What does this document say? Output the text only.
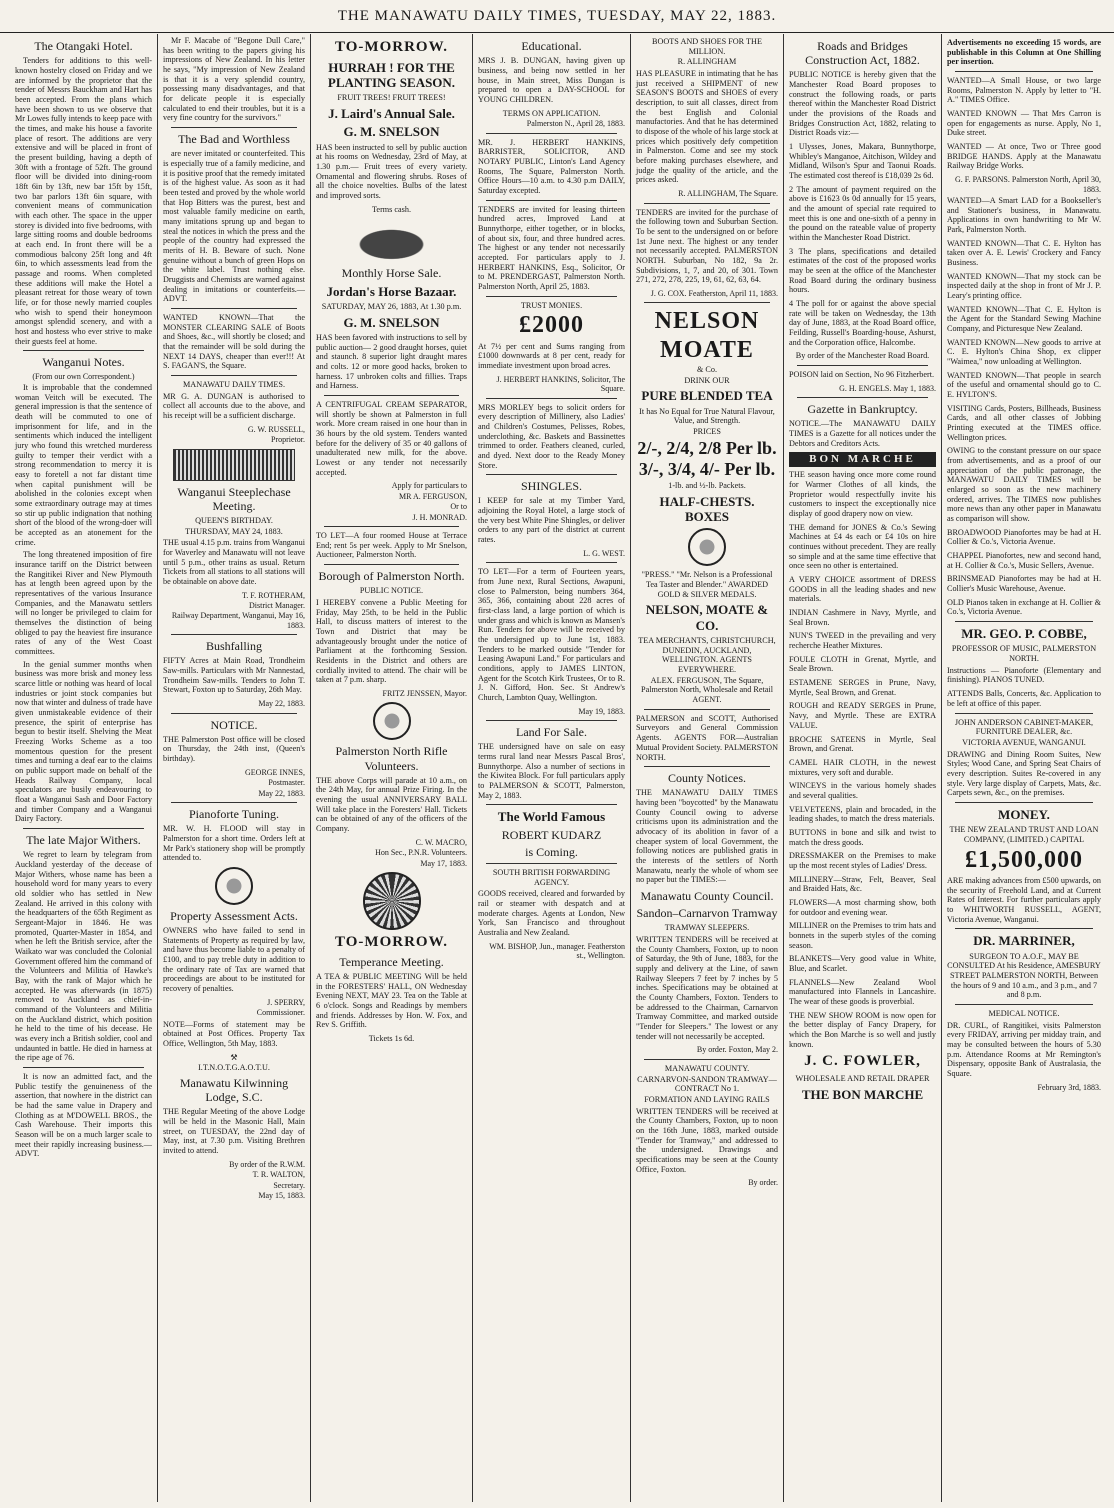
THE MANAWATU DAILY TIMES, TUESDAY, MAY 22, 1883.
The Otangaki Hotel.
Tenders for additions to this well-known hostelry closed on Friday and we are informed by the proprietor that the tender of Messrs Bauckham and Hart has been accepted. From the plans which have been shown to us we observe that Mr Lowes fully intends to keep pace with the times, and make his house a favorite place of resort. The additions are very extensive and will be placed in front of the present building, having a depth of 30ft with a frontage of 52ft. The ground floor will be divided into dining-room 18ft 6in by 13ft, new bar 15ft by 15ft, two bar parlors 13ft 6in square, with convenient means of communication with each other. The space in the upper storey is divided into five bedrooms, with large sitting rooms and double bedrooms at each end. In front there will be a commodious balcony 25ft long and 4ft 6in, to which assessments lead from the passage and rooms. When completed these additions will make the Hotel a pleasant retreat for those weary of town life, or for those newly married couples who wish to spend their honeymoon amongst splendid scenery, and with a host and hostess who ever strive to make their guests feel at home.
Wanganui Notes.
(From our own Correspondent.)
It is improbable that the condemned woman Veitch will be executed. The general impression is that the sentence of death will be commuted to one of imprisonment for life, and in the sentiments which induced the intelligent jury who found this wretched murderess guilty to temper their verdict with a strong recommendation to mercy it is easy to foretell a not far distant time when capital punishment will be abolished in the colonies except when some extraordinary outrage may at times so stir up public indignation that nothing short of the blood of the wrong-doer will be accepted as an atonement for the crime.
The long threatened imposition of fire insurance tariff on the District between the Rangitikei River and New Plymouth has at length been agreed upon by the representatives of the various Insurance Companies, and the Manawatu settlers will no longer be privileged to claim for themselves the distinction of being obliged to pay the heaviest fire insurance rates of any of the West Coast committees.
In the genial summer months when business was more brisk and money less scarce little or nothing was heard of local industries or joint stock companies but now that winter and dulness of trade have given unmistakeable evidence of their presence, the spirit of enterprise has begun to bestir itself. Shelving the Meat Freezing Works Scheme as a too momentous question for the present times and turning a deaf ear to the claims on public support made on behalf of the Heads Railway Company, local speculators are busily endeavouring to float a Wanganui Sash and Door Factory and timber Company and a Wanganui Dairy Factory.
The late Major Withers.
We regret to learn by telegram from Auckland yesterday of the decease of Major Withers, whose name has been a household word for many years to every old soldier who has settled in New Zealand. He arrived in this colony with the headquarters of the 65th Regiment as Sergeant-Major in 1846. He was promoted, Quarter-Master in 1854, and when he left the British service, after the Waikato war was concluded the Colonial Government offered him the command of the Volunteers and Militia of Hawke's Bay, with the rank of Major which he accepted. He was afterwards (in 1875) removed to Auckland as chief-in-command of the Volunteers and Militia on the Auckland district, which position he held to the time of his decease. He was every inch a British soldier, cool and undaunted in battle. He died in harness at the ripe age of 76.
It is now an admitted fact, and the Public testify the genuineness of the assertion, that nowhere in the district can be had the same value in Drapery and Clothing as at M'DOWELL BROS., the Cash Warehouse. Their imports this Season will be on a much larger scale to meet their rapidly increasing business.—ADVT.
Mr F. Macabe of "Begone Dull Care," has been writing to the papers giving his impressions of New Zealand. In his letter he says, "My impression of New Zealand is that it is a very splendid country, possessing many disadvantages, and that for delicate people it is especially calculated to end their troubles, but it is a very fine country for the survivors."
The Bad and Worthless
are never imitated or counterfeited. This is especially true of a family medicine, and it is positive proof that the remedy imitated is of the highest value. As soon as it had been tested and proved by the whole world that Hop Bitters was the purest, best and most valuable family medicine on earth, many imitations sprung up and began to steal the notices in which the press and the people of the country had expressed the merits of H. B. Beware of such. None genuine without a bunch of green Hops on the white label. Trust nothing else. Druggists and Chemists are warned against dealing in imitations or counterfeits.—ADVT.
WANTED KNOWN—That the MONSTER CLEARING SALE of Boots and Shoes, &c., will shortly be closed; and that the remainder will be sold during the NEXT 14 DAYS, cheaper than ever!!! At S. FAGAN'S, the Square.
MANAWATU DAILY TIMES.
MR G. A. DUNGAN is authorised to collect all accounts due to the above, and his receipt will be a sufficient discharge.
G. W. RUSSELL,
Proprietor.
Wanganui Steeplechase Meeting.
QUEEN'S BIRTHDAY.
THURSDAY, MAY 24, 1883.
THE usual 4.15 p.m. trains from Wanganui for Waverley and Manawatu will not leave until 5 p.m., other trains as usual. Return Tickets from all stations to all stations will be obtainable on above date.
T. F. ROTHERAM,
District Manager.
Railway Department, Wanganui, May 16, 1883.
Bushfalling
FIFTY Acres at Main Road, Trondheim Saw-mills. Particulars with Mr Nannestad, Trondheim Saw-mills. Tenders to John T. Stewart, Foxton up to Saturday, 26th May.
May 22, 1883.
NOTICE.
THE Palmerston Post office will be closed on Thursday, the 24th inst, (Queen's birthday).
GEORGE INNES,
Postmaster.
May 22, 1883.
Pianoforte Tuning.
MR. W. H. FLOOD will stay in Palmerston for a short time. Orders left at Mr Park's stationery shop will be promptly attended to.
Property Assessment Acts.
OWNERS who have failed to send in Statements of Property as required by law, and have thus become liable to a penalty of £100, and to pay treble duty in addition to the ordinary rate of Tax are warned that proceedings are about to be instituted for recovery of penalties.
J. SPERRY,
Commissioner.
NOTE—Forms of statement may be obtained at Post Offices. Property Tax Office, Wellington, 5th May, 1883.
⚒
I.T.N.O.T.G.A.O.T.U.
Manawatu Kilwinning Lodge, S.C.
THE Regular Meeting of the above Lodge will be held in the Masonic Hall, Main street, on TUESDAY, the 22nd day of May, inst, at 7.30 p.m. Visiting Brethren invited to attend.
By order of the R.W.M.
T. R. WALTON,
Secretary.
May 15, 1883.
TO-MORROW.
HURRAH ! FOR THE PLANTING SEASON.
FRUIT TREES! FRUIT TREES!
J. Laird's Annual Sale.
G. M. SNELSON
HAS been instructed to sell by public auction at his rooms on Wednesday, 23rd of May, at 1.30 p.m.— Fruit trees of every variety. Ornamental and flowering shrubs. Roses of all the choice novelties. Bulbs of the latest and improved sorts.
Terms cash.
Monthly Horse Sale.
Jordan's Horse Bazaar.
SATURDAY, MAY 26, 1883, At 1.30 p.m.
G. M. SNELSON
HAS been favored with instructions to sell by public auction— 2 good draught horses, quiet and staunch. 8 superior light draught mares and colts. 12 or more good hacks, broken to harness. 17 unbroken colts and fillies. Traps and Harness.
A CENTRIFUGAL CREAM SEPARATOR, will shortly be shown at Palmerston in full work. More cream raised in one hour than in 36 hours by the old system. Tenders wanted before for the delivery of 35 or 40 gallons of unadulterated new milk, for the above. Lowest or any tender not necessarily accepted.
Apply for particulars to
MR A. FERGUSON,
Or to
J. H. MONRAD.
TO LET—A four roomed House at Terrace End; rent 5s per week. Apply to Mr Snelson, Auctioneer, Palmerston North.
Borough of Palmerston North.
PUBLIC NOTICE.
I HEREBY convene a Public Meeting for Friday, May 25th, to be held in the Public Hall, to discuss matters of interest to the Town and District that may be advantageously brought under the notice of Parliament at the forthcoming Session. Residents in the District and others are cordially invited to attend. The chair will be taken at 7 p.m. sharp.
FRITZ JENSSEN, Mayor.
Palmerston North Rifle Volunteers.
THE above Corps will parade at 10 a.m., on the 24th May, for annual Prize Firing. In the evening the usual ANNIVERSARY BALL Will take place in the Foresters' Hall. Tickets can be obtained of any of the officers of the Company.
C. W. MACRO,
Hon Sec., P.N.R. Volunteers.
May 17, 1883.
TO-MORROW.
Temperance Meeting.
A TEA & PUBLIC MEETING Will be held in the FORESTERS' HALL, ON Wednesday Evening NEXT, MAY 23. Tea on the Table at 6 o'clock. Songs and Readings by members and friends. Addresses by Hon. W. Fox, and Rev S. Griffith.
Tickets 1s 6d.
Educational.
MRS J. B. DUNGAN, having given up business, and being now settled in her house, in Main street, Miss Dungan is prepared to open a DAY-SCHOOL for YOUNG CHILDREN.
TERMS ON APPLICATION.
Palmerston N., April 28, 1883.
MR. J. HERBERT HANKINS, BARRISTER, SOLICITOR, AND NOTARY PUBLIC, Linton's Land Agency Rooms, The Square, Palmerston North. Office Hours—10 a.m. to 4.30 p.m DAILY, Saturday excepted.
TENDERS are invited for leasing thirteen hundred acres, Improved Land at Bunnythorpe, either together, or in blocks, of about six, four, and three hundred acres. The highest or any tender not necessarily accepted. For particulars apply to J. HERBERT HANKINS, Esq., Solicitor, Or to M. PRENDERGAST, Palmerston North. Palmerston North, April 25, 1883.
TRUST MONIES.
£2000
At 7½ per cent and Sums ranging from £1000 downwards at 8 per cent, ready for immediate investment upon broad acres.
J. HERBERT HANKINS, Solicitor, The Square.
MRS MORLEY begs to solicit orders for every description of Millinery, also Ladies' and Children's Costumes, Pelisses, Robes, underclothing, &c. Baskets and Bassinettes trimmed to order. Feathers cleaned, curled, and dyed. Next door to the Ready Money Store.
SHINGLES.
I KEEP for sale at my Timber Yard, adjoining the Royal Hotel, a large stock of the very best White Pine Shingles, or deliver orders to any part of the district at current rates.
L. G. WEST.
TO LET—For a term of Fourteen years, from June next, Rural Sections, Awapuni, close to Palmerston, being numbers 364, 365, 366, containing about 228 acres of first-class land, a large portion of which is under grass and which is known as Mansen's Run. Tenders for above will be received by the undersigned up to June 1st, 1883. Tenders to be marked outside "Tender for Leasing Awapuni Land." For particulars and conditions, apply to JAMES LINTON, Agent for the Scotch Kirk Trustees, Or to R. J. N. Gifford, Hon. Sec. St Andrew's Church, Lambton Quay, Wellington.
May 19, 1883.
Land For Sale.
THE undersigned have on sale on easy terms rural land near Messrs Pascal Bros', Bunnythorpe. Also a number of sections in the Kiwitea Block. For full particulars apply to PALMERSON & SCOTT, Palmerston, May 2, 1883.
The World Famous
ROBERT KUDARZ
is Coming.
SOUTH BRITISH FORWARDING AGENCY.
GOODS received, cleared and forwarded by rail or steamer with despatch and at moderate charges. Agents at London, New York, San Francisco and throughout Australia and New Zealand.
WM. BISHOP, Jun., manager. Featherston st., Wellington.
BOOTS AND SHOES FOR THE MILLION.
R. ALLINGHAM
HAS PLEASURE in intimating that he has just received a SHIPMENT of new SEASON'S BOOTS and SHOES of every description, to suit all classes, direct from the best English and Colonial manufactories. And that he has determined to dispose of the whole of his large stock at prices which positively defy competition in Palmerston. Come and see my stock before making purchases elsewhere, and judge the quality of the article, and the prices asked.
R. ALLINGHAM, The Square.
TENDERS are invited for the purchase of the following town and Suburban Section. To be sent to the undersigned on or before 1st June next. The highest or any tender not necessarily accepted. PALMERSTON NORTH. Suburban, No 182, 9a 2r. Subdivisions, 1, 7, and 20, of 301. Town 271, 272, 278, 225, 19, 61, 62, 63, 64.
J. G. COX. Featherston, April 11, 1883.
NELSON MOATE
& Co.
DRINK OUR
PURE BLENDED TEA
It has No Equal for True Natural Flavour, Value, and Strength.
PRICES
2/-, 2/4, 2/8 Per lb.
3/-, 3/4, 4/- Per lb.
1-lb. and ½-lb. Packets.
HALF-CHESTS. BOXES
"PRESS." "Mr. Nelson is a Professional Tea Taster and Blender." AWARDED GOLD & SILVER MEDALS.
NELSON, MOATE & CO.
TEA MERCHANTS, CHRISTCHURCH, DUNEDIN, AUCKLAND, WELLINGTON. AGENTS EVERYWHERE.
ALEX. FERGUSON, The Square, Palmerston North, Wholesale and Retail AGENT.
PALMERSON and SCOTT, Authorised Surveyors and General Commission Agents. AGENTS FOR—Australian Mutual Provident Society. PALMERSTON NORTH.
County Notices.
THE MANAWATU DAILY TIMES having been "boycotted" by the Manawatu County Council owing to adverse criticisms upon its administration and the advocacy of its abolition in favor of a cheaper system of local Government, the following notices are published gratis in the interests of the settlers of North Manawatu, nearly the whole of whom see no paper but the TIMES:—
Manawatu County Council.
Sandon–Carnarvon Tramway
TRAMWAY SLEEPERS.
WRITTEN TENDERS will be received at the County Chambers, Foxton, up to noon of Saturday, the 9th of June, 1883, for the supply and delivery at the Line, of sawn Railway Sleepers 7 feet by 7 inches by 5 inches. Specifications may be obtained at the County Chambers, Foxton. Tenders to be addressed to the Chairman, Carnarvon Tramway Committee, and marked outside "Tender for Sleepers." The lowest or any tender will not necessarily be accepted.
By order. Foxton, May 2.
MANAWATU COUNTY.
CARNARVON-SANDON TRAMWAY—CONTRACT No 1.
FORMATION AND LAYING RAILS
WRITTEN TENDERS will be received at the County Chambers, Foxton, up to noon on the 16th June, 1883, marked outside "Tender for Tramway," and addressed to the undersigned. Drawings and specifications may be seen at the County Office, Foxton.
By order.
Roads and Bridges Construction Act, 1882.
PUBLIC NOTICE is hereby given that the Manchester Road Board proposes to construct the following roads, or parts thereof within the Manchester Road District under the provisions of the Roads and Bridges Construction Act, 1882, relating to District Roads viz:—
1 Ulysses, Jones, Makara, Bunnythorpe, Whibley's Manganoe, Aitchison, Wildey and Midland, Wilson's Spur and Taonui Roads. The estimated cost thereof is £18,039 2s 6d.
2 The amount of payment required on the above is £1623 0s 0d annually for 15 years, and the amount of special rate required to meet this is one and one-sixth of a penny in the pound on the rateable value of property within the Manchester Road District.
3 The plans, specifications and detailed estimates of the cost of the proposed works may be seen at the office of the Manchester Road Board during the ordinary business hours.
4 The poll for or against the above special rate will be taken on Wednesday, the 13th day of June, 1883, at the Road Board office, Feilding, Russell's Boarding-house, Ashurst, and the Corporation office, Halcombe.
By order of the Manchester Road Board.
POISON laid on Section, No 96 Fitzherbert.
G. H. ENGELS. May 1, 1883.
Gazette in Bankruptcy.
NOTICE.—The MANAWATU DAILY TIMES is a Gazette for all notices under the Debtors and Creditors Acts.
BON MARCHE
THE season having once more come round for Warmer Clothes of all kinds, the Proprietor would respectfully invite his customers to inspect the exceptionally nice display of good drapery now on view.
THE demand for JONES & Co.'s Sewing Machines at £4 4s each or £4 10s on hire continues without precedent. They are really so simple and at the same time effective that once seen no other is entertained.
A VERY CHOICE assortment of DRESS GOODS in all the leading shades and new materials.
INDIAN Cashmere in Navy, Myrtle, and Seal Brown.
NUN'S TWEED in the prevailing and very recherche Heather Mixtures.
FOULE CLOTH in Grenat, Myrtle, and Seale Brown.
ESTAMENE SERGES in Prune, Navy, Myrtle, Seal Brown, and Grenat.
ROUGH and READY SERGES in Prune, Navy, and Myrtle. These are EXTRA VALUE.
BROCHE SATEENS in Myrtle, Seal Brown, and Grenat.
CAMEL HAIR CLOTH, in the newest mixtures, very soft and durable.
WINCEYS in the various homely shades and several qualities.
VELVETEENS, plain and brocaded, in the leading shades, to match the dress materials.
BUTTONS in bone and silk and twist to match the dress goods.
DRESSMAKER on the Premises to make up the most recent styles of Ladies' Dress.
MILLINERY—Straw, Felt, Beaver, Seal and Braided Hats, &c.
FLOWERS—A most charming show, both for outdoor and evening wear.
MILLINER on the Premises to trim hats and bonnets in the superb styles of the coming season.
BLANKETS—Very good value in White, Blue, and Scarlet.
FLANNELS—New Zealand Wool manufactured into Flannels in Lancashire. The wear of these goods is proverbial.
THE NEW SHOW ROOM is now open for the better display of Fancy Drapery, for which the Bon Marche is so well and justly known.
J. C. FOWLER,
WHOLESALE AND RETAIL DRAPER
THE BON MARCHE
Advertisements no exceeding 15 words, are publishable in this Column at One Shilling per insertion.
WANTED—A Small House, or two large Rooms, Palmerston N. Apply by letter to "H. A." TIMES Office.
WANTED KNOWN — That Mrs Carron is open for engagements as nurse. Apply, No 1, Duke street.
WANTED — At once, Two or Three good BRIDGE HANDS. Apply at the Manawatu Railway Bridge Works.
G. F. PARSONS. Palmerston North, April 30, 1883.
WANTED—A Smart LAD for a Bookseller's and Stationer's business, in Manawatu. Applications in own handwriting to Mr W. Park, Palmerston North.
WANTED KNOWN—That C. E. Hylton has taken over A. E. Lewis' Crockery and Fancy Business.
WANTED KNOWN—That my stock can be inspected daily at the shop in front of Mr J. P. Leary's printing office.
WANTED KNOWN—That C. E. Hylton is the Agent for the Standard Sewing Machine Company, and Picturesque New Zealand.
WANTED KNOWN—New goods to arrive at C. E. Hylton's China Shop, ex clipper "Waimea," now unloading at Wellington.
WANTED KNOWN—That people in search of the useful and ornamental should go to C. E. HYLTON'S.
VISITING Cards, Posters, Billheads, Business Cards, and all other classes of Jobbing Printing executed at the TIMES office. Wellington prices.
OWING to the constant pressure on our space from advertisements, and as a proof of our appreciation of the public patronage, the MANAWATU DAILY TIMES will be enlarged so soon as the new machinery ordered, arrives. The TIMES now publishes more news than any other paper in Manawatu as comparison will show.
BROADWOOD Pianofortes may be had at H. Collier & Co.'s, Victoria Avenue.
CHAPPEL Pianofortes, new and second hand, at H. Collier & Co.'s, Music Sellers, Avenue.
BRINSMEAD Pianofortes may be had at H. Collier's Music Warehouse, Avenue.
OLD Pianos taken in exchange at H. Collier & Co.'s, Victoria Avenue.
MR. GEO. P. COBBE,
PROFESSOR OF MUSIC, PALMERSTON NORTH.
Instructions — Pianoforte (Elementary and finishing). PIANOS TUNED.
ATTENDS Balls, Concerts, &c. Application to be left at office of this paper.
JOHN ANDERSON CABINET-MAKER, FURNITURE DEALER, &c.
VICTORIA AVENUE, WANGANUI.
DRAWING and Dining Room Suites, New Styles; Wood Cane, and Spring Seat Chairs of every description. Suites Re-covered in any style. Very large display of Carpets, Mats, &c. Carpets sewn, &c., on the premises.
MONEY.
THE NEW ZEALAND TRUST AND LOAN COMPANY, (LIMITED.) CAPITAL
£1,500,000
ARE making advances from £500 upwards, on the security of Freehold Land, and at Current Rates of Interest. For further particulars apply to WHITWORTH RUSSELL, AGENT, Victoria Avenue, Wanganui.
DR. MARRINER,
SURGEON TO A.O.F., MAY BE CONSULTED At his Residence, AMESBURY STREET PALMERSTON NORTH, Between the hours of 9 and 10 a.m., and 3 p.m., and 7 and 8 p.m.
MEDICAL NOTICE.
DR. CURL, of Rangitikei, visits Palmerston every FRIDAY, arriving per midday train, and may be consulted between the hours of 5.30 p.m. Attendance Rooms at Mr Remington's Dispensary, opposite Bank of Australasia, the Square.
February 3rd, 1883.
